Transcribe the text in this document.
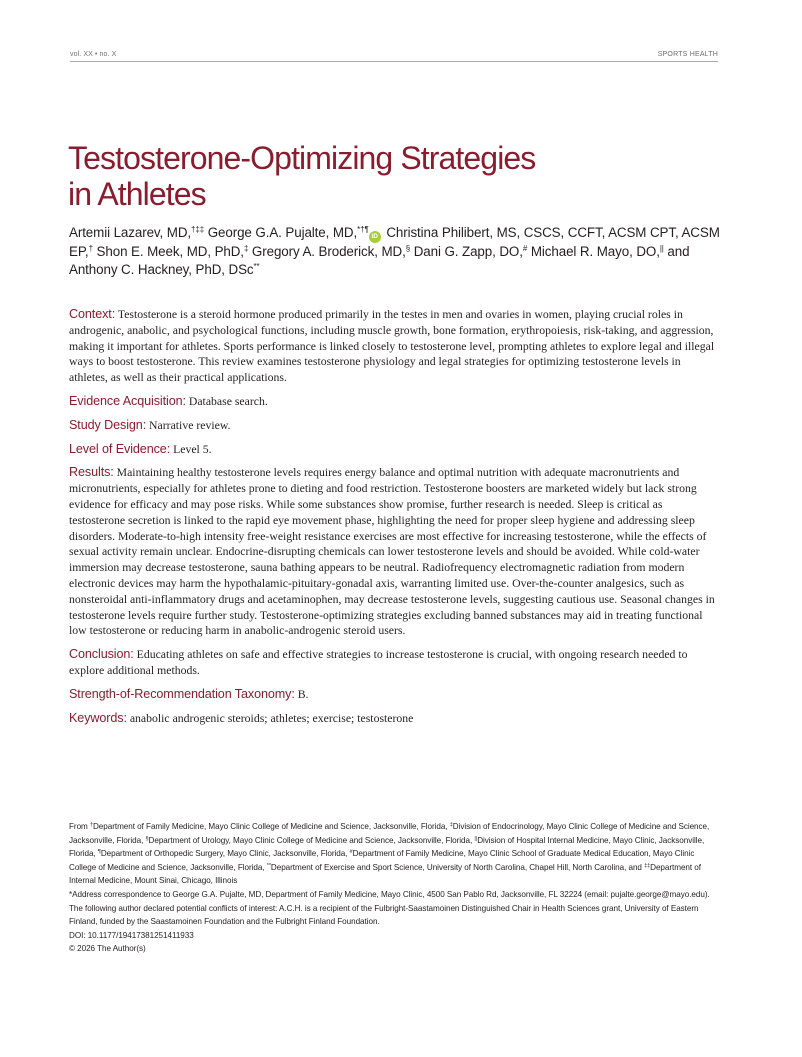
vol. XX • no. X	SPORTS HEALTH
Testosterone-Optimizing Strategies
in Athletes
Artemii Lazarev, MD,†‡‡ George G.A. Pujalte, MD,*†¶iD Christina Philibert, MS, CSCS, CCFT, ACSM CPT, ACSM EP,† Shon E. Meek, MD, PhD,‡ Gregory A. Broderick, MD,§ Dani G. Zapp, DO,# Michael R. Mayo, DO,|| and Anthony C. Hackney, PhD, DSc**

Context: Testosterone is a steroid hormone produced primarily in the testes in men and ovaries in women, playing crucial roles in androgenic, anabolic, and psychological functions, including muscle growth, bone formation, erythropoiesis, risk-taking, and aggression, making it important for athletes. Sports performance is linked closely to testosterone level, prompting athletes to explore legal and illegal ways to boost testosterone. This review examines testosterone physiology and legal strategies for optimizing testosterone levels in athletes, as well as their practical applications.

Evidence Acquisition: Database search.

Study Design: Narrative review.

Level of Evidence: Level 5.

Results: Maintaining healthy testosterone levels requires energy balance and optimal nutrition with adequate macronutrients and micronutrients, especially for athletes prone to dieting and food restriction. Testosterone boosters are marketed widely but lack strong evidence for efficacy and may pose risks. While some substances show promise, further research is needed. Sleep is critical as testosterone secretion is linked to the rapid eye movement phase, highlighting the need for proper sleep hygiene and addressing sleep disorders. Moderate-to-high intensity free-weight resistance exercises are most effective for increasing testosterone, while the effects of sexual activity remain unclear. Endocrine-disrupting chemicals can lower testosterone levels and should be avoided. While cold-water immersion may decrease testosterone, sauna bathing appears to be neutral. Radiofrequency electromagnetic radiation from modern electronic devices may harm the hypothalamic-pituitary-gonadal axis, warranting limited use. Over-the-counter analgesics, such as nonsteroidal anti-inflammatory drugs and acetaminophen, may decrease testosterone levels, suggesting cautious use. Seasonal changes in testosterone levels require further study. Testosterone-optimizing strategies excluding banned substances may aid in treating functional low testosterone or reducing harm in anabolic-androgenic steroid users.

Conclusion: Educating athletes on safe and effective strategies to increase testosterone is crucial, with ongoing research needed to explore additional methods.

Strength-of-Recommendation Taxonomy: B.

Keywords: anabolic androgenic steroids; athletes; exercise; testosterone

From †Department of Family Medicine, Mayo Clinic College of Medicine and Science, Jacksonville, Florida, ‡Division of Endocrinology, Mayo Clinic College of Medicine and Science, Jacksonville, Florida, §Department of Urology, Mayo Clinic College of Medicine and Science, Jacksonville, Florida, ||Division of Hospital Internal Medicine, Mayo Clinic, Jacksonville, Florida, ¶Department of Orthopedic Surgery, Mayo Clinic, Jacksonville, Florida, #Department of Family Medicine, Mayo Clinic School of Graduate Medical Education, Mayo Clinic College of Medicine and Science, Jacksonville, Florida, **Department of Exercise and Sport Science, University of North Carolina, Chapel Hill, North Carolina, and ‡‡Department of Internal Medicine, Mount Sinai, Chicago, Illinois

*Address correspondence to George G.A. Pujalte, MD, Department of Family Medicine, Mayo Clinic, 4500 San Pablo Rd, Jacksonville, FL 32224 (email: pujalte.george@mayo.edu).

The following author declared potential conflicts of interest: A.C.H. is a recipient of the Fulbright-Saastamoinen Distinguished Chair in Health Sciences grant, University of Eastern Finland, funded by the Saastamoinen Foundation and the Fulbright Finland Foundation.

DOI: 10.1177/19417381251411933

© 2026 The Author(s)
